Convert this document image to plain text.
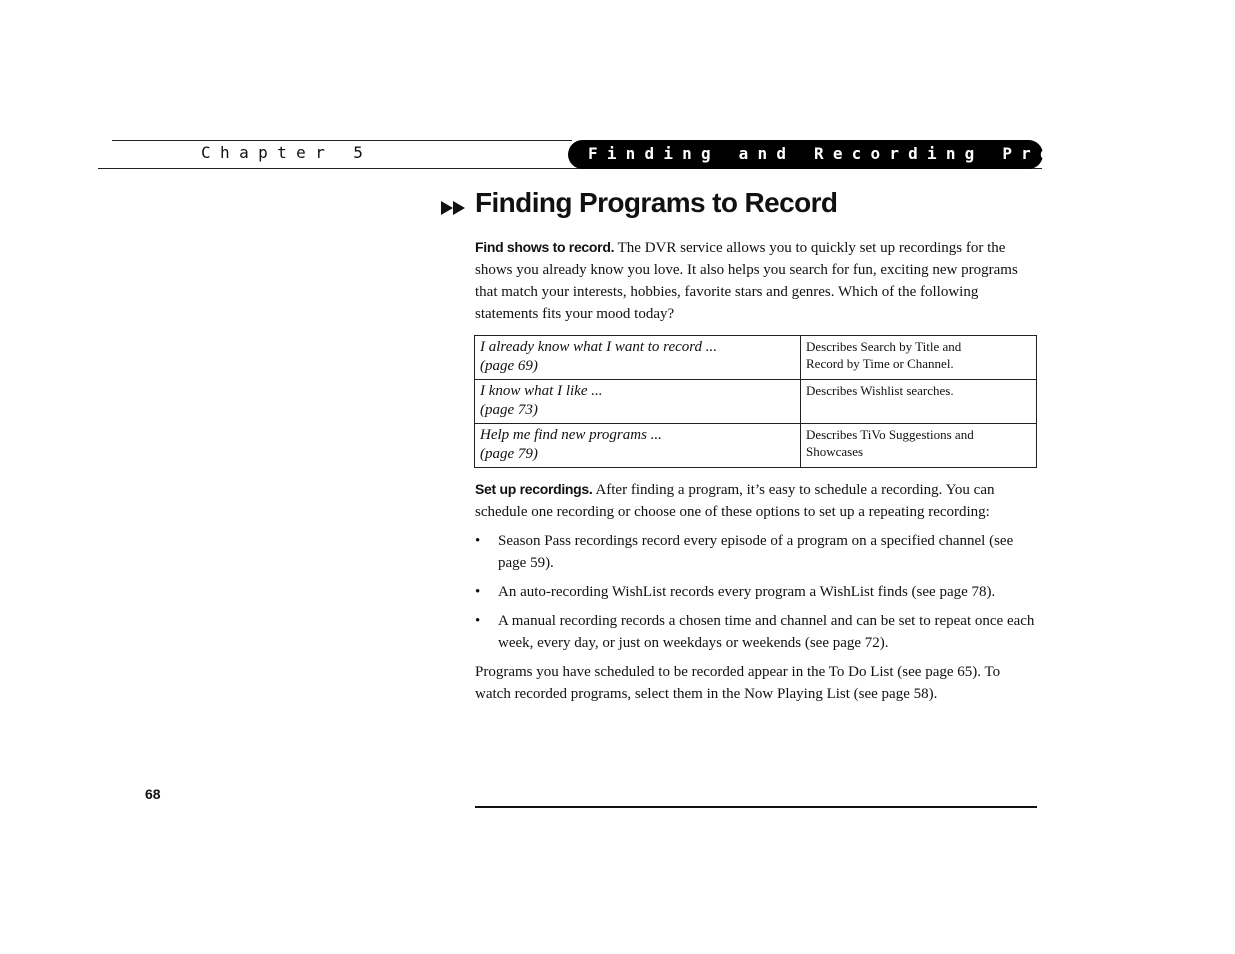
Chapter 5	Finding and Recording Programs
Finding Programs to Record

Find shows to record. The DVR service allows you to quickly set up recordings for the shows you already know you love. It also helps you search for fun, exciting new programs that match your interests, hobbies, favorite stars and genres. Which of the following statements fits your mood today?

I already know what I want to record ...
(page 69)	Describes Search by Title and
Record by Time or Channel.

I know what I like ...
(page 73)	Describes Wishlist searches.

Help me find new programs ...
(page 79)	Describes TiVo Suggestions and
Showcases

Set up recordings. After finding a program, it’s easy to schedule a recording. You can schedule one recording or choose one of these options to set up a repeating recording:

• Season Pass recordings record every episode of a program on a specified channel (see page 59).
• An auto-recording WishList records every program a WishList finds (see page 78).
• A manual recording records a chosen time and channel and can be set to repeat once each week, every day, or just on weekdays or weekends (see page 72).

Programs you have scheduled to be recorded appear in the To Do List (see page 65). To watch recorded programs, select them in the Now Playing List (see page 58).

68
